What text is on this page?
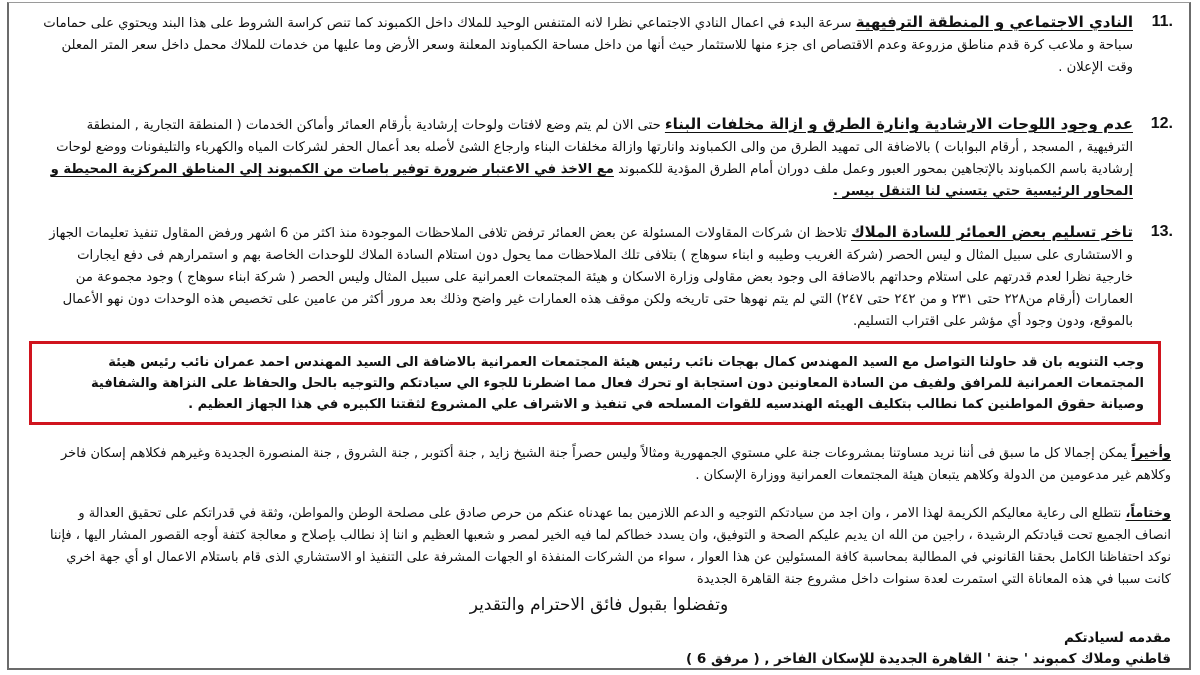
11.
النادي الاجتماعي و المنطقة الترفيهية سرعة البدء في اعمال النادي الاجتماعي نظرا لانه المتنفس الوحيد للملاك داخل الكمبوند كما تنص كراسة الشروط على هذا البند ويحتوي على حمامات سباحة و ملاعب كرة قدم مناطق مزروعة وعدم الاقتصاص اى جزء منها للاستثمار حيث أنها من داخل مساحة الكمباوند المعلنة وسعر الأرض وما عليها من خدمات للملاك محمل داخل سعر المتر المعلن وقت الإعلان .
12.
عدم وجود اللوحات الارشادية وانارة الطرق و ازالة مخلفات البناء حتى الان لم يتم وضع لافتات ولوحات إرشادية بأرقام العمائر وأماكن الخدمات ( المنطقة التجارية , المنطقة الترفيهية , المسجد , أرقام البوابات ) بالاضافة الى تمهيد الطرق من والى الكمباوند وانارتها وازالة مخلفات البناء وارجاع الشئ لأصله بعد أعمال الحفر لشركات المياه والكهرباء والتليفونات ووضع لوحات إرشادية باسم الكمباوند بالإتجاهين بمحور العبور وعمل ملف دوران أمام الطرق المؤدية للكمبوند مع الاخذ في الاعتبار ضرورة توفير باصات من الكمبوند إلي المناطق المركزية المحيطة و المحاور الرئيسية حتي يتسني لنا التنقل بيسر .
13.
تاخر تسليم بعض العمائر للسادة الملاك تلاحظ ان شركات المقاولات المسئولة عن بعض العمائر ترفض تلافى الملاحظات الموجودة منذ اكثر من 6 اشهر ورفض المقاول تنفيذ تعليمات الجهاز و الاستشارى على سبيل المثال و ليس الحصر (شركة الغريب وطيبه و ابناء سوهاج ) بتلافى تلك الملاحظات مما يحول دون استلام السادة الملاك للوحدات الخاصة بهم و استمرارهم فى دفع ايجارات خارجية نظرا لعدم قدرتهم على استلام وحداتهم بالاضافة الى وجود بعض مقاولى وزارة الاسكان و هيئة المجتمعات العمرانية على سبيل المثال وليس الحصر ( شركة ابناء سوهاج ) وجود مجموعة من العمارات (أرقام من٢٢٨ حتى ٢٣١ و من ٢٤٢ حتى ٢٤٧) التي لم يتم نهوها حتى تاريخه ولكن موقف هذه العمارات غير واضح وذلك بعد مرور أكثر من عامين على تخصيص هذه الوحدات دون نهو الأعمال بالموقع، ودون وجود أي مؤشر على اقتراب التسليم.
وجب التنويه بان قد حاولنا التواصل مع السيد المهندس كمال بهجات نائب رئيس هيئة المجتمعات العمرانية بالاضافة الى السيد المهندس احمد عمران نائب رئيس هيئة المجتمعات العمرانية للمرافق ولفيف من السادة المعاونين دون استجابة او تحرك فعال مما اضطرنا للجوء الي سيادتكم والتوجيه بالحل والحفاظ على النزاهة والشفافية وصيانة حقوق المواطنين كما نطالب بتكليف الهيئه الهندسيه للقوات المسلحه في تنفيذ و الاشراف علي المشروع لثقتنا الكبيره في هذا الجهاز العظيم .
وأخيراً يمكن إجمالا كل ما سبق فى أننا نريد مساوتنا بمشروعات جنة علي مستوي الجمهورية ومثالاً وليس حصراً جنة الشيخ زايد , جنة أكتوبر , جنة الشروق , جنة المنصورة الجديدة وغيرهم فكلاهم إسكان فاخر وكلاهم غير مدعومين من الدولة وكلاهم يتبعان هيئة المجتمعات العمرانية ووزارة الإسكان .
وختاماً، نتطلع الى رعاية معاليكم الكريمة لهذا الامر ، وان اجد من سيادتكم التوجيه و الدعم اللازمين بما عهدناه عنكم من حرص صادق على مصلحة الوطن والمواطن، وثقة في قدراتكم على تحقيق العدالة و انصاف الجميع تحت قيادتكم الرشيدة ، راجين من الله ان يديم عليكم الصحة و التوفيق، وان يسدد خطاكم لما فيه الخير لمصر و شعبها العظيم و اننا إذ نطالب بإصلاح و معالجة كتفة أوجه القصور المشار اليها ، فإننا نوكد احتفاظنا الكامل بحقنا القانوني في المطالبة بمحاسبة كافة المسئولين عن هذا العوار ، سواء من الشركات المنفذة او الجهات المشرفة على التنفيذ او الاستشاري الذى قام باستلام الاعمال او أي جهة اخري كانت سببا في هذه المعاناة التي استمرت لعدة سنوات داخل مشروع جنة القاهرة الجديدة
وتفضلوا بقبول فائق الاحترام والتقدير
مقدمه لسيادتكم
قاطني وملاك كمبوند ' جنة ' القاهرة الجديدة للإسكان الفاخر , ( مرفق 6 )
